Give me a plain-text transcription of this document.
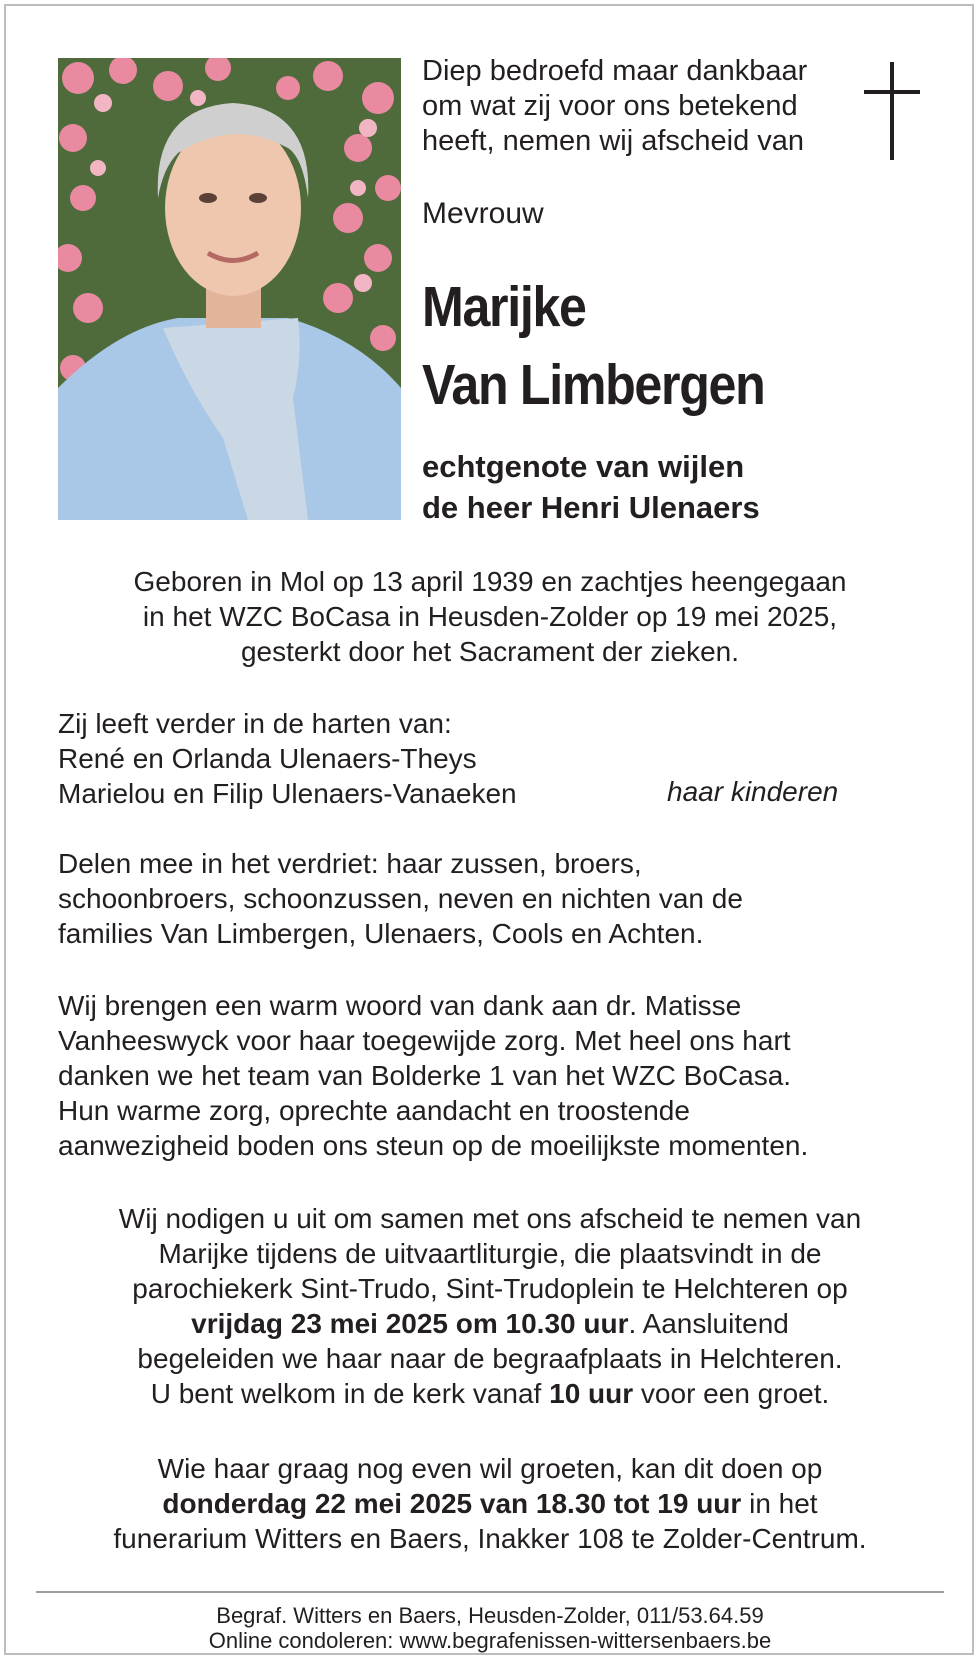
Diep bedroefd maar dankbaar
om wat zij voor ons betekend
heeft, nemen wij afscheid van
Mevrouw
Marijke
Van Limbergen
echtgenote van wijlen
de heer Henri Ulenaers
Geboren in Mol op 13 april 1939 en zachtjes heengegaan
in het WZC BoCasa in Heusden-Zolder op 19 mei 2025,
gesterkt door het Sacrament der zieken.
Zij leeft verder in de harten van:
René en Orlanda Ulenaers-Theys
Marielou en Filip Ulenaers-Vanaeken	haar kinderen
Delen mee in het verdriet: haar zussen, broers,
schoonbroers, schoonzussen, neven en nichten van de
families Van Limbergen, Ulenaers, Cools en Achten.
Wij brengen een warm woord van dank aan dr. Matisse
Vanheeswyck voor haar toegewijde zorg. Met heel ons hart
danken we het team van Bolderke 1 van het WZC BoCasa.
Hun warme zorg, oprechte aandacht en troostende
aanwezigheid boden ons steun op de moeilijkste momenten.
Wij nodigen u uit om samen met ons afscheid te nemen van
Marijke tijdens de uitvaartliturgie, die plaatsvindt in de
parochiekerk Sint-Trudo, Sint-Trudoplein te Helchteren op
vrijdag 23 mei 2025 om 10.30 uur. Aansluitend
begeleiden we haar naar de begraafplaats in Helchteren.
U bent welkom in de kerk vanaf 10 uur voor een groet.
Wie haar graag nog even wil groeten, kan dit doen op
donderdag 22 mei 2025 van 18.30 tot 19 uur in het
funerarium Witters en Baers, Inakker 108 te Zolder-Centrum.
Begraf. Witters en Baers, Heusden-Zolder, 011/53.64.59
Online condoleren: www.begrafenissen-wittersenbaers.be
